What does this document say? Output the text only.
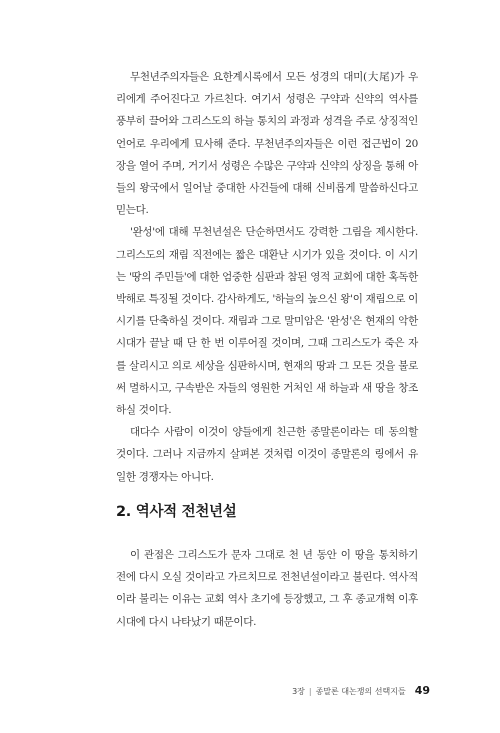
무천년주의자들은 요한계시록에서 모든 성경의 대미(大尾)가 우리에게 주어진다고 가르친다. 여기서 성령은 구약과 신약의 역사를 풍부히 끌어와 그리스도의 하늘 통치의 과정과 성격을 주로 상징적인 언어로 우리에게 묘사해 준다. 무천년주의자들은 이런 접근법이 20장을 열어 주며, 거기서 성령은 수많은 구약과 신약의 상징을 통해 아들의 왕국에서 일어날 중대한 사건들에 대해 신비롭게 말씀하신다고 믿는다.

'완성'에 대해 무천년설은 단순하면서도 강력한 그림을 제시한다. 그리스도의 재림 직전에는 짧은 대환난 시기가 있을 것이다. 이 시기는 '땅의 주민들'에 대한 엄중한 심판과 참된 영적 교회에 대한 혹독한 박해로 특징될 것이다. 감사하게도, '하늘의 높으신 왕'이 재림으로 이 시기를 단축하실 것이다. 재림과 그로 말미암은 '완성'은 현재의 악한 시대가 끝날 때 단 한 번 이루어질 것이며, 그때 그리스도가 죽은 자를 살리시고 의로 세상을 심판하시며, 현재의 땅과 그 모든 것을 불로써 멸하시고, 구속받은 자들의 영원한 거처인 새 하늘과 새 땅을 창조하실 것이다.

대다수 사람이 이것이 양들에게 친근한 종말론이라는 데 동의할 것이다. 그러나 지금까지 살펴본 것처럼 이것이 종말론의 링에서 유일한 경쟁자는 아니다.

2. 역사적 전천년설

이 관점은 그리스도가 문자 그대로 천 년 동안 이 땅을 통치하기 전에 다시 오실 것이라고 가르치므로 전천년설이라고 불린다. 역사적이라 불리는 이유는 교회 역사 초기에 등장했고, 그 후 종교개혁 이후 시대에 다시 나타났기 때문이다.

3장 | 종말론 대논쟁의 선택지들 49
